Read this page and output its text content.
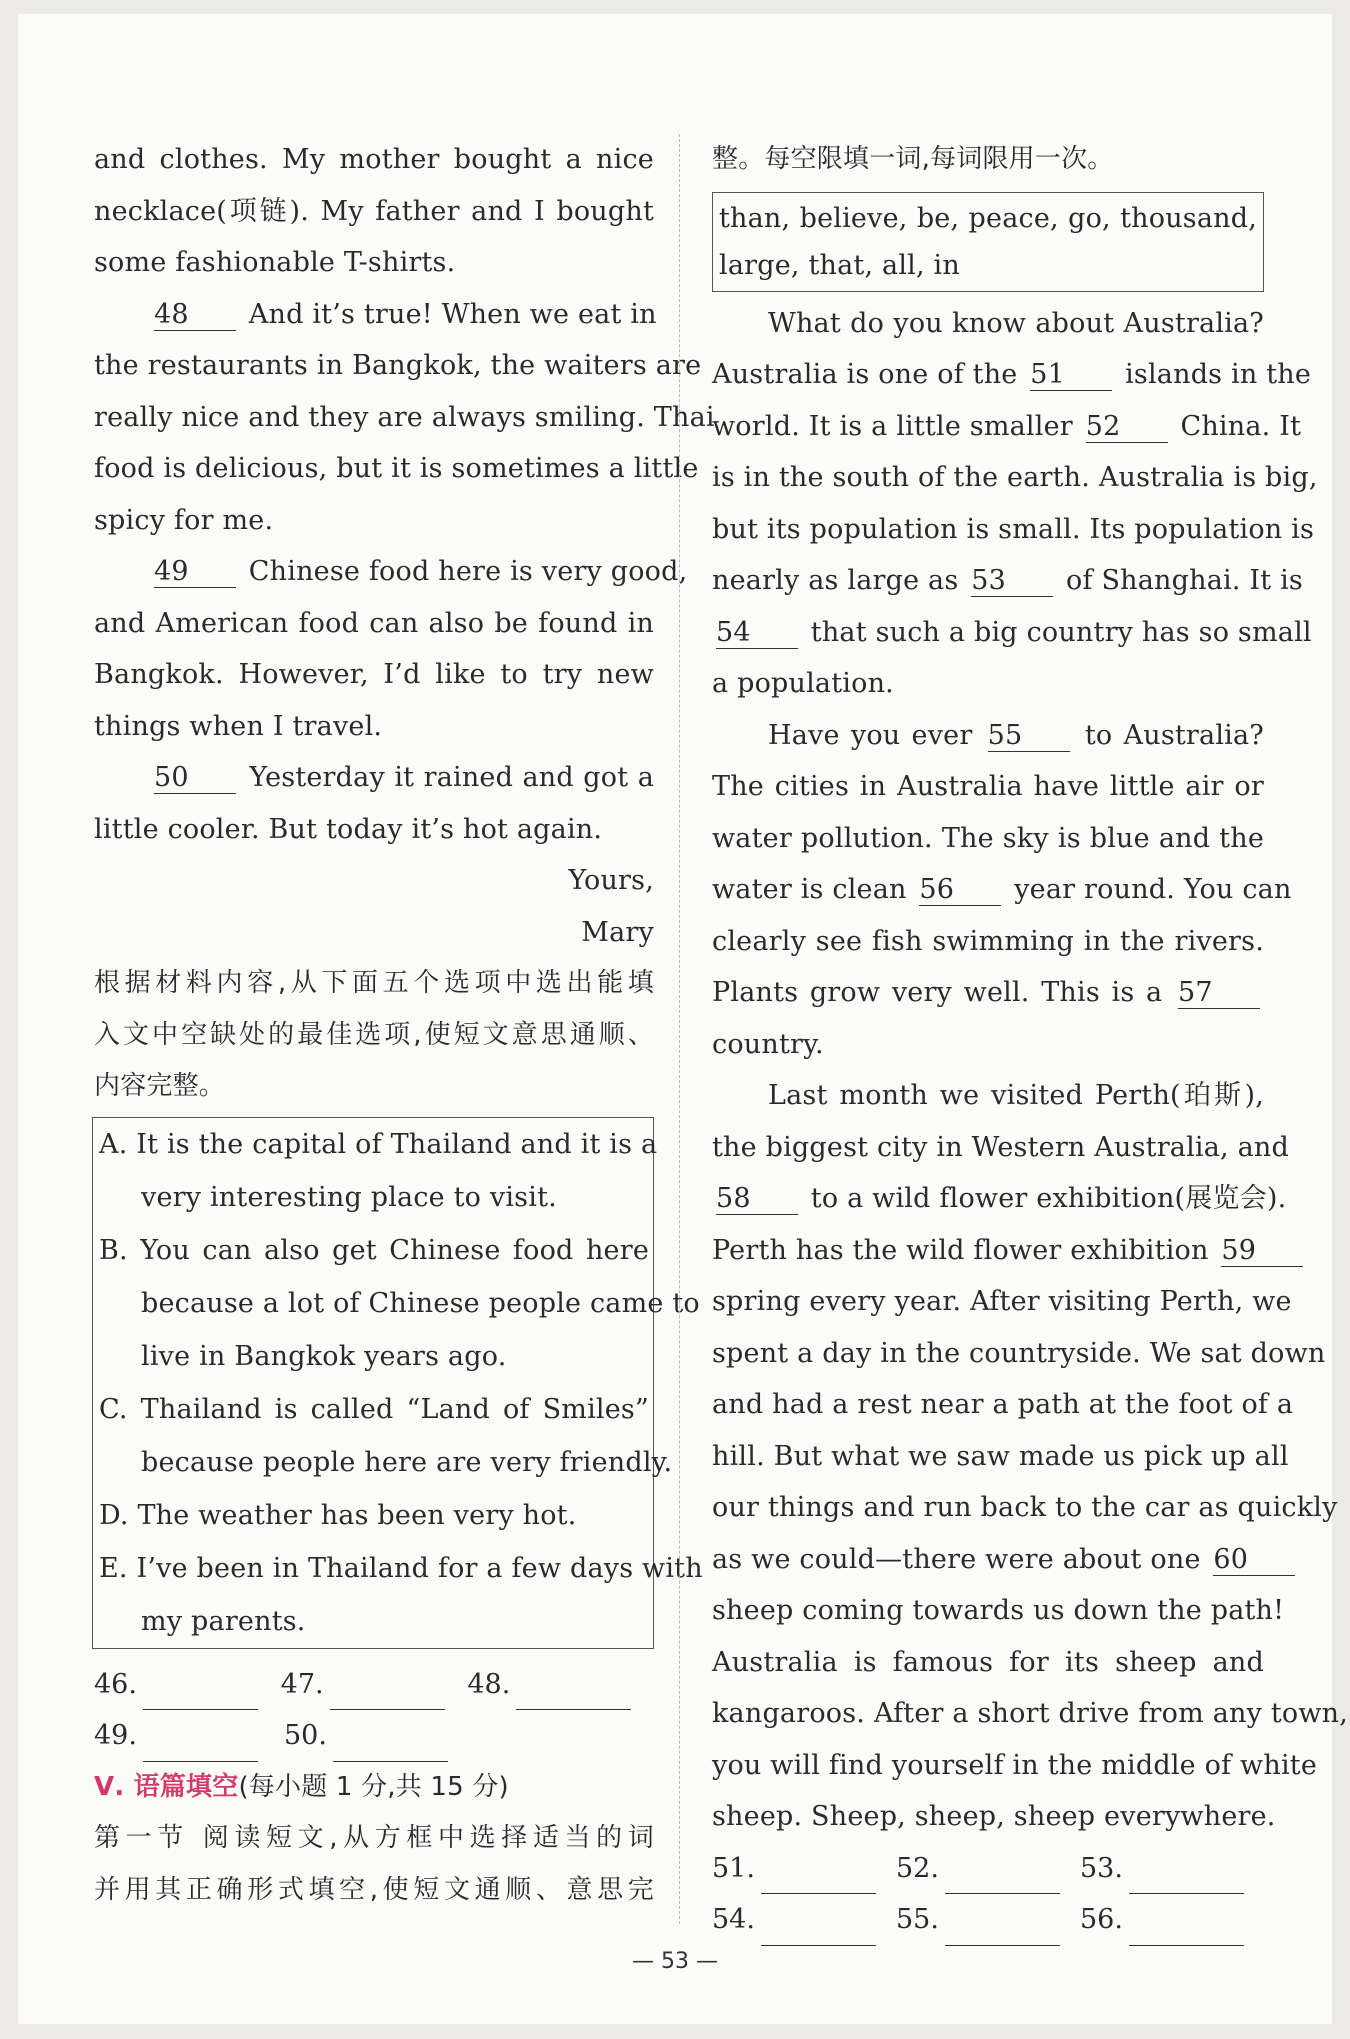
and clothes. My mother bought a nice
necklace(项链). My father and I bought
some fashionable T-shirts.
48 And it’s true! When we eat in
the restaurants in Bangkok, the waiters are
really nice and they are always smiling. Thai
food is delicious, but it is sometimes a little
spicy for me.
49 Chinese food here is very good,
and American food can also be found in
Bangkok. However, I’d like to try new
things when I travel.
50 Yesterday it rained and got a
little cooler. But today it’s hot again.
Yours,
Mary
根据材料内容,从下面五个选项中选出能填
入文中空缺处的最佳选项,使短文意思通顺、
内容完整。
A. It is the capital of Thailand and it is a
very interesting place to visit.
B. You can also get Chinese food here
because a lot of Chinese people came to
live in Bangkok years ago.
C. Thailand is called “Land of Smiles”
because people here are very friendly.
D. The weather has been very hot.
E. I’ve been in Thailand for a few days with
my parents.
46.	47.	48.
49.	50.
Ⅴ. 语篇填空(每小题 1 分,共 15 分)
第一节 阅读短文,从方框中选择适当的词
并用其正确形式填空,使短文通顺、意思完
整。每空限填一词,每词限用一次。
than, believe, be, peace, go, thousand,
large, that, all, in
What do you know about Australia?
Australia is one of the 51 islands in the
world. It is a little smaller 52 China. It
is in the south of the earth. Australia is big,
but its population is small. Its population is
nearly as large as 53 of Shanghai. It is
54 that such a big country has so small
a population.
Have you ever 55 to Australia?
The cities in Australia have little air or
water pollution. The sky is blue and the
water is clean 56 year round. You can
clearly see fish swimming in the rivers.
Plants grow very well. This is a 57
country.
Last month we visited Perth(珀斯),
the biggest city in Western Australia, and
58 to a wild flower exhibition(展览会).
Perth has the wild flower exhibition 59
spring every year. After visiting Perth, we
spent a day in the countryside. We sat down
and had a rest near a path at the foot of a
hill. But what we saw made us pick up all
our things and run back to the car as quickly
as we could—there were about one 60
sheep coming towards us down the path!
Australia is famous for its sheep and
kangaroos. After a short drive from any town,
you will find yourself in the middle of white
sheep. Sheep, sheep, sheep everywhere.
51.	52.	53.
54.	55.	56.
— 53 —
